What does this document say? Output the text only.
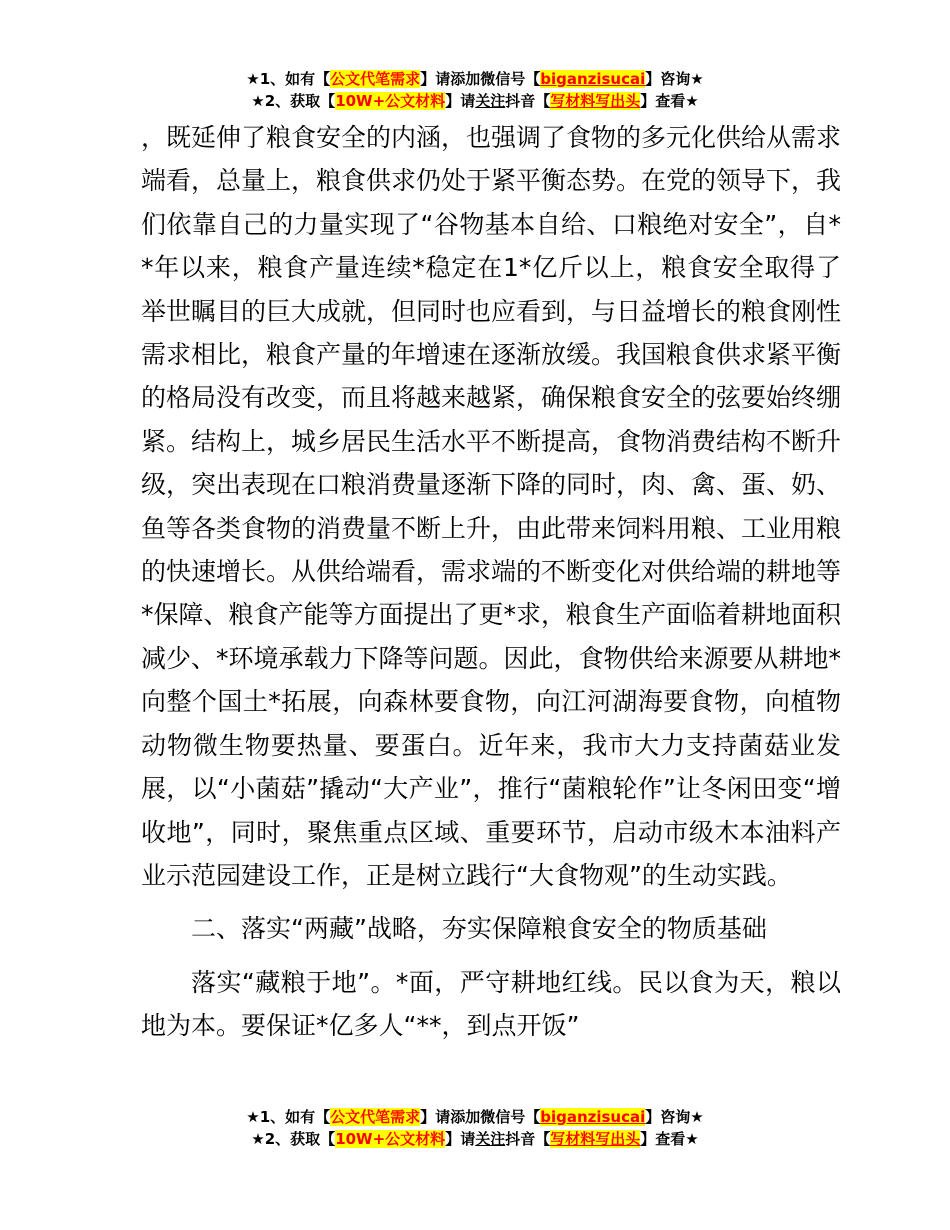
★1、如有【公文代笔需求】请添加微信号【biganzisucai】咨询★
★2、获取【10W+公文材料】请关注抖音【写材料写出头】查看★

，既延伸了粮食安全的内涵，也强调了食物的多元化供给从需求端看，总量上，粮食供求仍处于紧平衡态势。在党的领导下，我们依靠自己的力量实现了“谷物基本自给、口粮绝对安全”，自**年以来，粮食产量连续*稳定在1*亿斤以上，粮食安全取得了举世瞩目的巨大成就，但同时也应看到，与日益增长的粮食刚性需求相比，粮食产量的年增速在逐渐放缓。我国粮食供求紧平衡的格局没有改变，而且将越来越紧，确保粮食安全的弦要始终绷紧。结构上，城乡居民生活水平不断提高，食物消费结构不断升级，突出表现在口粮消费量逐渐下降的同时，肉、禽、蛋、奶、鱼等各类食物的消费量不断上升，由此带来饲料用粮、工业用粮的快速增长。从供给端看，需求端的不断变化对供给端的耕地等*保障、粮食产能等方面提出了更*求，粮食生产面临着耕地面积减少、*环境承载力下降等问题。因此，食物供给来源要从耕地*向整个国土*拓展，向森林要食物，向江河湖海要食物，向植物动物微生物要热量、要蛋白。近年来，我市大力支持菌菇业发展，以“小菌菇”撬动“大产业”，推行“菌粮轮作”让冬闲田变“增收地”，同时，聚焦重点区域、重要环节，启动市级木本油料产业示范园建设工作，正是树立践行“大食物观”的生动实践。

二、落实“两藏”战略，夯实保障粮食安全的物质基础

落实“藏粮于地”。*面，严守耕地红线。民以食为天，粮以地为本。要保证*亿多人“**，到点开饭”

★1、如有【公文代笔需求】请添加微信号【biganzisucai】咨询★
★2、获取【10W+公文材料】请关注抖音【写材料写出头】查看★
